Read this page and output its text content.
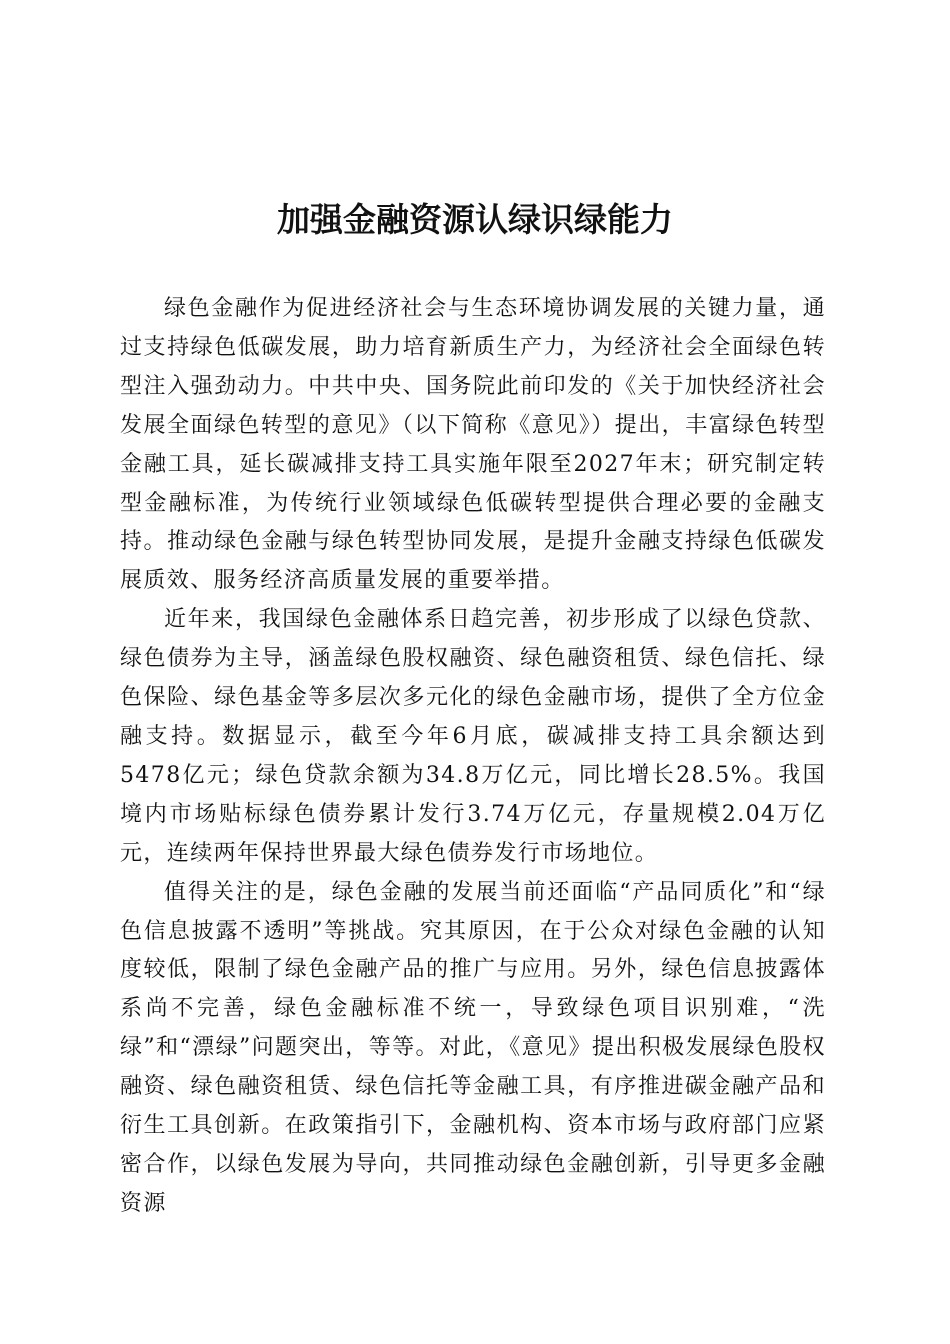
加强金融资源认绿识绿能力

绿色金融作为促进经济社会与生态环境协调发展的关键力量，通过支持绿色低碳发展，助力培育新质生产力，为经济社会全面绿色转型注入强劲动力。中共中央、国务院此前印发的《关于加快经济社会发展全面绿色转型的意见》（以下简称《意见》）提出，丰富绿色转型金融工具，延长碳减排支持工具实施年限至2027年末；研究制定转型金融标准，为传统行业领域绿色低碳转型提供合理必要的金融支持。推动绿色金融与绿色转型协同发展，是提升金融支持绿色低碳发展质效、服务经济高质量发展的重要举措。

近年来，我国绿色金融体系日趋完善，初步形成了以绿色贷款、绿色债券为主导，涵盖绿色股权融资、绿色融资租赁、绿色信托、绿色保险、绿色基金等多层次多元化的绿色金融市场，提供了全方位金融支持。数据显示，截至今年6月底，碳减排支持工具余额达到5478亿元；绿色贷款余额为34.8万亿元，同比增长28.5%。我国境内市场贴标绿色债券累计发行3.74万亿元，存量规模2.04万亿元，连续两年保持世界最大绿色债券发行市场地位。

值得关注的是，绿色金融的发展当前还面临“产品同质化”和“绿色信息披露不透明”等挑战。究其原因，在于公众对绿色金融的认知度较低，限制了绿色金融产品的推广与应用。另外，绿色信息披露体系尚不完善，绿色金融标准不统一，导致绿色项目识别难，“洗绿”和“漂绿”问题突出，等等。对此，《意见》提出积极发展绿色股权融资、绿色融资租赁、绿色信托等金融工具，有序推进碳金融产品和衍生工具创新。在政策指引下，金融机构、资本市场与政府部门应紧密合作，以绿色发展为导向，共同推动绿色金融创新，引导更多金融资源
